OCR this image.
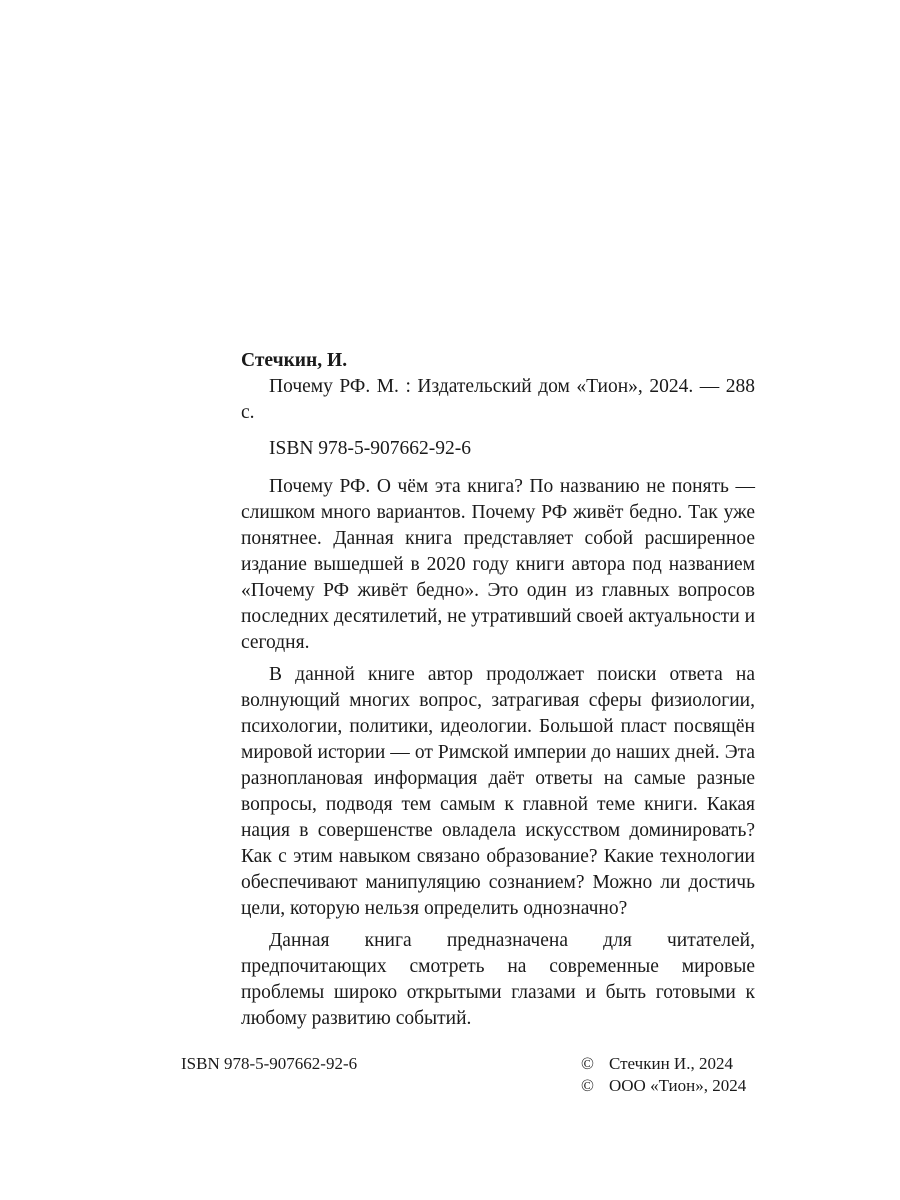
Стечкин, И.

Почему РФ. М. : Издательский дом «Тион», 2024. — 288 с.

ISBN 978-5-907662-92-6

Почему РФ. О чём эта книга? По названию не понять — слишком много вариантов. Почему РФ живёт бедно. Так уже понятнее. Данная книга представляет собой расширенное издание вышедшей в 2020 году книги автора под названием «Почему РФ живёт бедно». Это один из главных вопросов последних десятилетий, не утративший своей актуальности и сегодня.

В данной книге автор продолжает поиски ответа на волнующий многих вопрос, затрагивая сферы физиологии, психологии, политики, идеологии. Большой пласт посвящён мировой истории — от Римской империи до наших дней. Эта разноплановая информация даёт ответы на самые разные вопросы, подводя тем самым к главной теме книги. Какая нация в совершенстве овладела искусством доминировать? Как с этим навыком связано образование? Какие технологии обеспечивают манипуляцию сознанием? Можно ли достичь цели, которую нельзя определить однозначно?

Данная книга предназначена для читателей, предпочитающих смотреть на современные мировые проблемы широко открытыми глазами и быть готовыми к любому развитию событий.

ISBN 978-5-907662-92-6	© Стечкин И., 2024
© ООО «Тион», 2024
